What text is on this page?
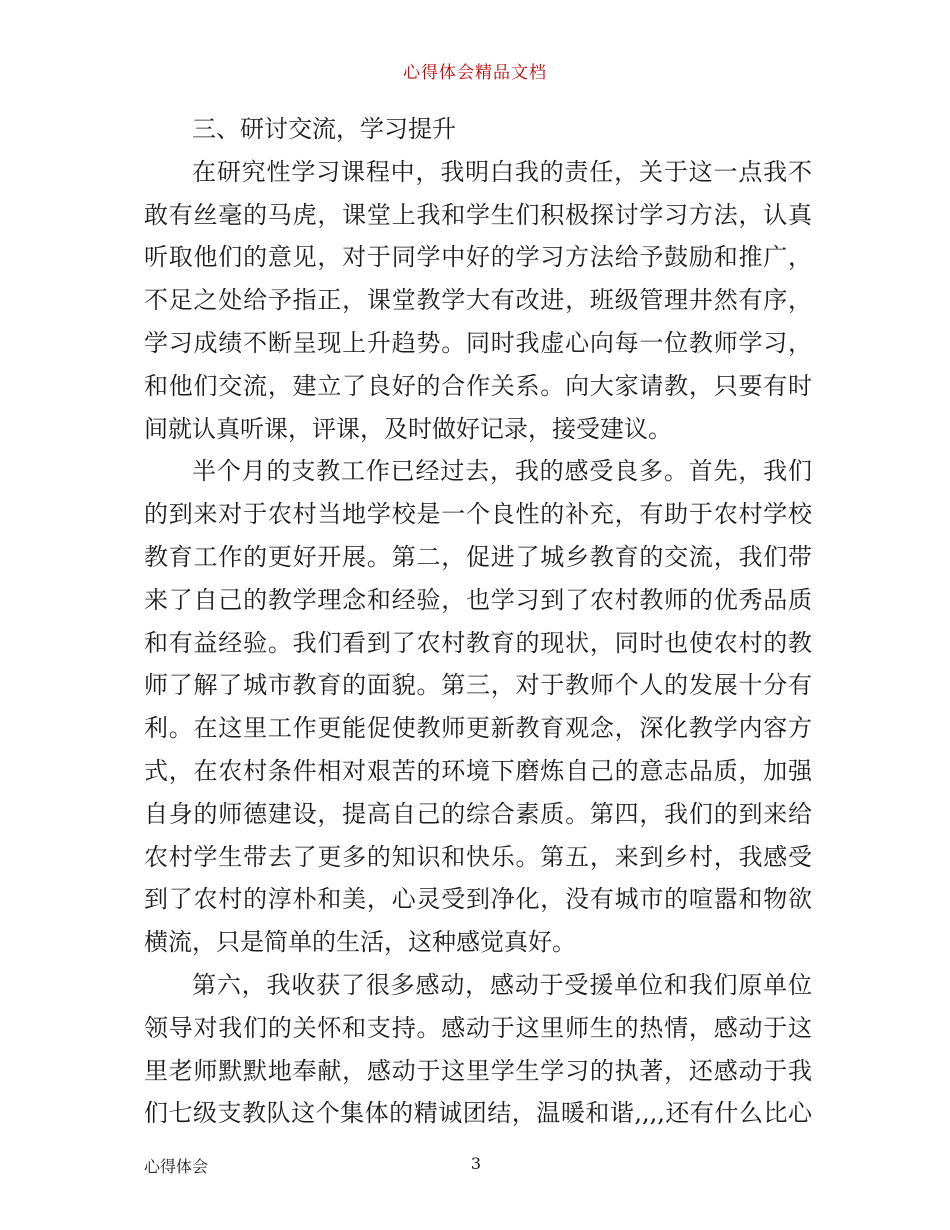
心得体会精品文档
三、研讨交流，学习提升
在研究性学习课程中，我明白我的责任，关于这一点我不
敢有丝毫的马虎，课堂上我和学生们积极探讨学习方法，认真
听取他们的意见，对于同学中好的学习方法给予鼓励和推广，
不足之处给予指正，课堂教学大有改进，班级管理井然有序，
学习成绩不断呈现上升趋势。同时我虚心向每一位教师学习，
和他们交流，建立了良好的合作关系。向大家请教，只要有时
间就认真听课，评课，及时做好记录，接受建议。
半个月的支教工作已经过去，我的感受良多。首先，我们
的到来对于农村当地学校是一个良性的补充，有助于农村学校
教育工作的更好开展。第二，促进了城乡教育的交流，我们带
来了自己的教学理念和经验，也学习到了农村教师的优秀品质
和有益经验。我们看到了农村教育的现状，同时也使农村的教
师了解了城市教育的面貌。第三，对于教师个人的发展十分有
利。在这里工作更能促使教师更新教育观念，深化教学内容方
式，在农村条件相对艰苦的环境下磨炼自己的意志品质，加强
自身的师德建设，提高自己的综合素质。第四，我们的到来给
农村学生带去了更多的知识和快乐。第五，来到乡村，我感受
到了农村的淳朴和美，心灵受到净化，没有城市的喧嚣和物欲
横流，只是简单的生活，这种感觉真好。
第六，我收获了很多感动，感动于受援单位和我们原单位
领导对我们的关怀和支持。感动于这里师生的热情，感动于这
里老师默默地奉献，感动于这里学生学习的执著，还感动于我
们七级支教队这个集体的精诚团结，温暖和谐,,,,还有什么比心
心得体会	3
